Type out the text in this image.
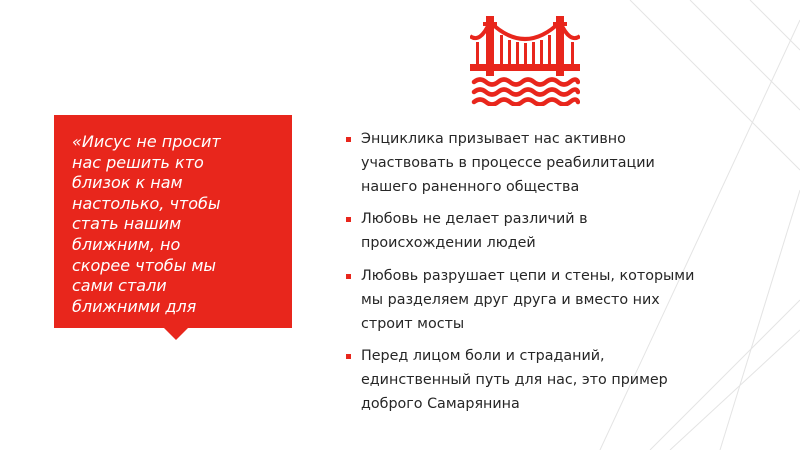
«Иисус не просит
нас решить кто
близок к нам
настолько, чтобы
стать нашим
ближним, но
скорее чтобы мы
сами стали
ближними для

Энциклика призывает нас активно
участвовать в процессе реабилитации
нашего раненного общества
Любовь не делает различий в
происхождении людей
Любовь разрушает цепи и стены, которыми
мы разделяем друг друга и вместо них
строит мосты
Перед лицом боли и страданий,
единственный путь для нас, это пример
доброго Самарянина
